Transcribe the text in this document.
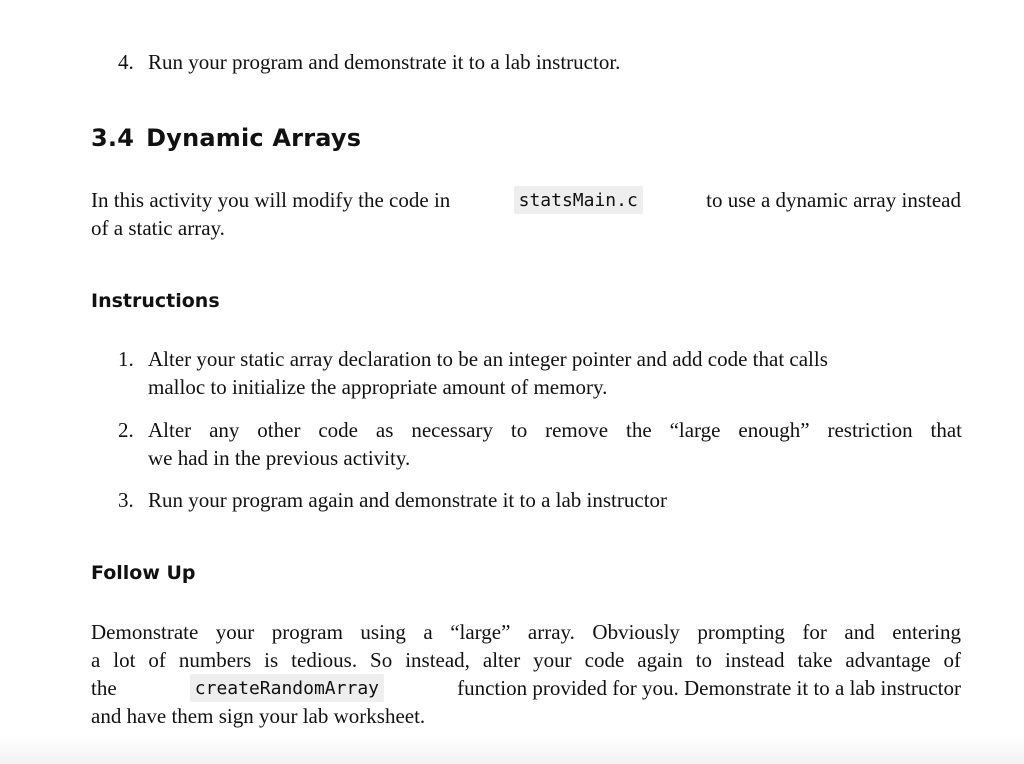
4. Run your program and demonstrate it to a lab instructor.
3.4 Dynamic Arrays
In this activity you will modify the code in	statsMain.c	to use a dynamic array instead
of a static array.
Instructions
1. Alter your static array declaration to be an integer pointer and add code that calls
malloc to initialize the appropriate amount of memory.
2. Alter any other code as necessary to remove the “large enough” restriction that
we had in the previous activity.
3. Run your program again and demonstrate it to a lab instructor
Follow Up
Demonstrate your program using a “large” array. Obviously prompting for and entering
a lot of numbers is tedious. So instead, alter your code again to instead take advantage of
the	createRandomArray	function provided for you. Demonstrate it to a lab instructor
and have them sign your lab worksheet.
